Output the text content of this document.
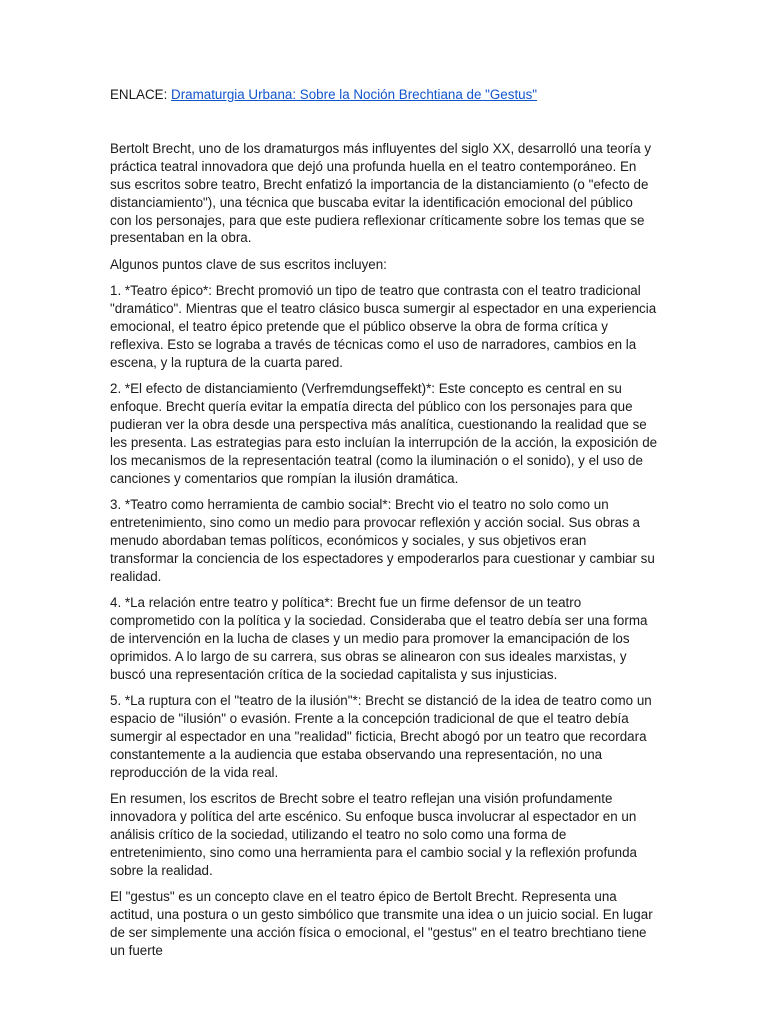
ENLACE: Dramaturgia Urbana: Sobre la Noción Brechtiana de "Gestus"

Bertolt Brecht, uno de los dramaturgos más influyentes del siglo XX, desarrolló una teoría y práctica teatral innovadora que dejó una profunda huella en el teatro contemporáneo. En sus escritos sobre teatro, Brecht enfatizó la importancia de la distanciamiento (o "efecto de distanciamiento"), una técnica que buscaba evitar la identificación emocional del público con los personajes, para que este pudiera reflexionar críticamente sobre los temas que se presentaban en la obra.

Algunos puntos clave de sus escritos incluyen:

1. *Teatro épico*: Brecht promovió un tipo de teatro que contrasta con el teatro tradicional "dramático". Mientras que el teatro clásico busca sumergir al espectador en una experiencia emocional, el teatro épico pretende que el público observe la obra de forma crítica y reflexiva. Esto se lograba a través de técnicas como el uso de narradores, cambios en la escena, y la ruptura de la cuarta pared.

2. *El efecto de distanciamiento (Verfremdungseffekt)*: Este concepto es central en su enfoque. Brecht quería evitar la empatía directa del público con los personajes para que pudieran ver la obra desde una perspectiva más analítica, cuestionando la realidad que se les presenta. Las estrategias para esto incluían la interrupción de la acción, la exposición de los mecanismos de la representación teatral (como la iluminación o el sonido), y el uso de canciones y comentarios que rompían la ilusión dramática.

3. *Teatro como herramienta de cambio social*: Brecht vio el teatro no solo como un entretenimiento, sino como un medio para provocar reflexión y acción social. Sus obras a menudo abordaban temas políticos, económicos y sociales, y sus objetivos eran transformar la conciencia de los espectadores y empoderarlos para cuestionar y cambiar su realidad.

4. *La relación entre teatro y política*: Brecht fue un firme defensor de un teatro comprometido con la política y la sociedad. Consideraba que el teatro debía ser una forma de intervención en la lucha de clases y un medio para promover la emancipación de los oprimidos. A lo largo de su carrera, sus obras se alinearon con sus ideales marxistas, y buscó una representación crítica de la sociedad capitalista y sus injusticias.

5. *La ruptura con el "teatro de la ilusión"*: Brecht se distanció de la idea de teatro como un espacio de "ilusión" o evasión. Frente a la concepción tradicional de que el teatro debía sumergir al espectador en una "realidad" ficticia, Brecht abogó por un teatro que recordara constantemente a la audiencia que estaba observando una representación, no una reproducción de la vida real.

En resumen, los escritos de Brecht sobre el teatro reflejan una visión profundamente innovadora y política del arte escénico. Su enfoque busca involucrar al espectador en un análisis crítico de la sociedad, utilizando el teatro no solo como una forma de entretenimiento, sino como una herramienta para el cambio social y la reflexión profunda sobre la realidad.

El "gestus" es un concepto clave en el teatro épico de Bertolt Brecht. Representa una actitud, una postura o un gesto simbólico que transmite una idea o un juicio social. En lugar de ser simplemente una acción física o emocional, el "gestus" en el teatro brechtiano tiene un fuerte
